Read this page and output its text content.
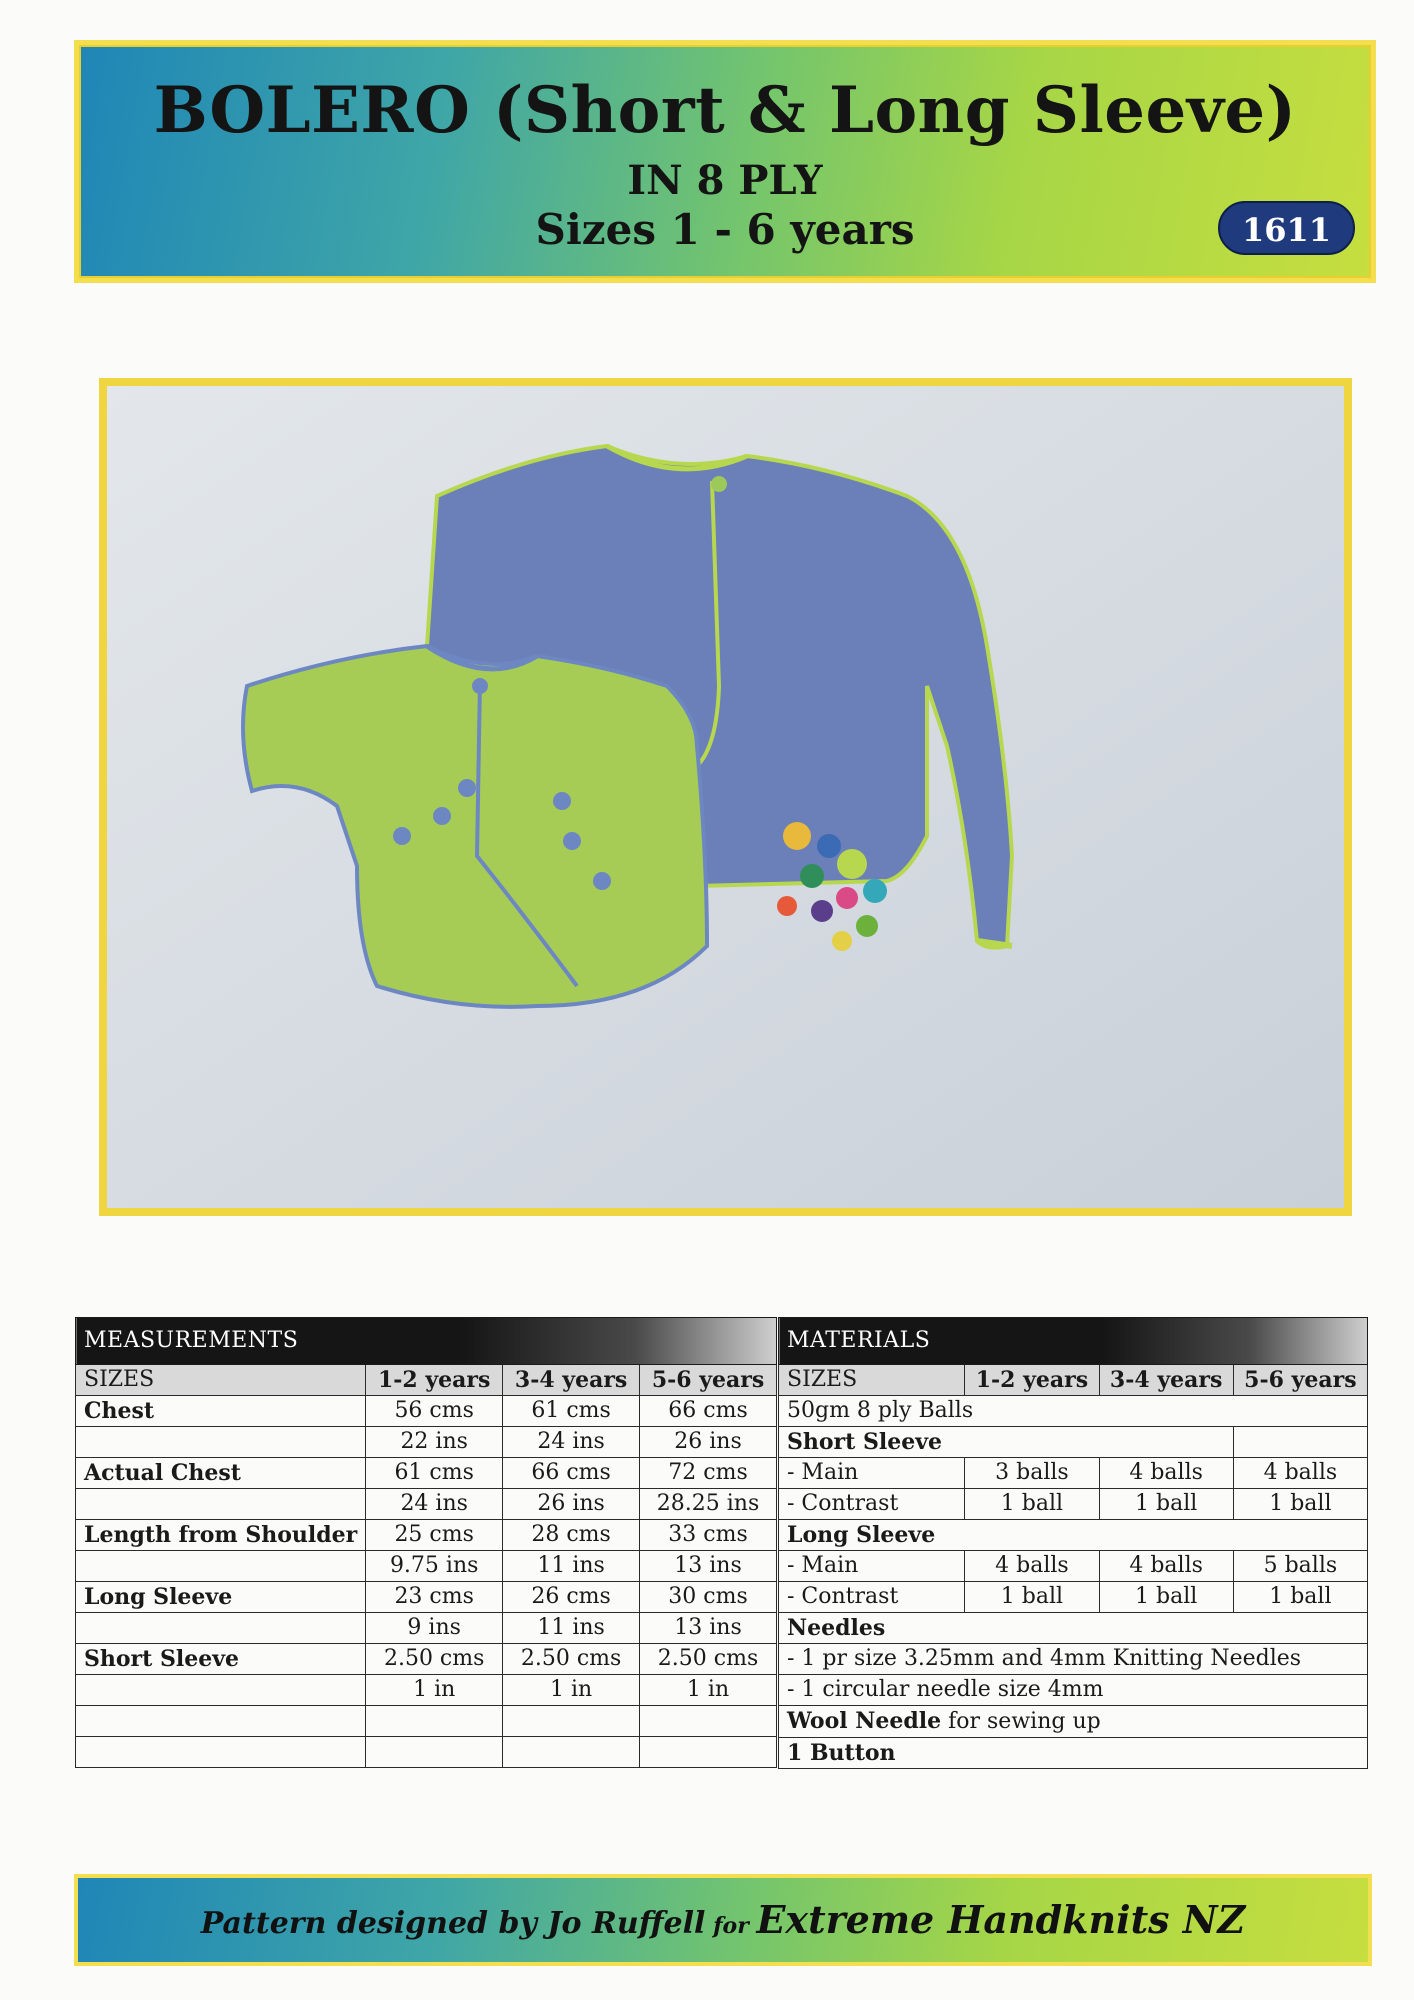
BOLERO (Short & Long Sleeve)
IN 8 PLY
Sizes 1 - 6 years	1611
MEASUREMENTS			
SIZES	1-2 years	3-4 years	5-6 years
Chest	56 cms	61 cms	66 cms
	22 ins	24 ins	26 ins
Actual Chest	61 cms	66 cms	72 cms
	24 ins	26 ins	28.25 ins
Length from Shoulder	25 cms	28 cms	33 cms
	9.75 ins	11 ins	13 ins
Long Sleeve	23 cms	26 cms	30 cms
	9 ins	11 ins	13 ins
Short Sleeve	2.50 cms	2.50 cms	2.50 cms
	1 in	1 in	1 in

MATERIALS			
SIZES	1-2 years	3-4 years	5-6 years
50gm 8 ply Balls			
Short Sleeve			
- Main	3 balls	4 balls	4 balls
- Contrast	1 ball	1 ball	1 ball
Long Sleeve			
- Main	4 balls	4 balls	5 balls
- Contrast	1 ball	1 ball	1 ball
Needles			
- 1 pr size 3.25mm and 4mm Knitting Needles			
- 1 circular needle size 4mm			
Wool Needle for sewing up			
1 Button			
Pattern designed by Jo Ruffell for Extreme Handknits NZ
